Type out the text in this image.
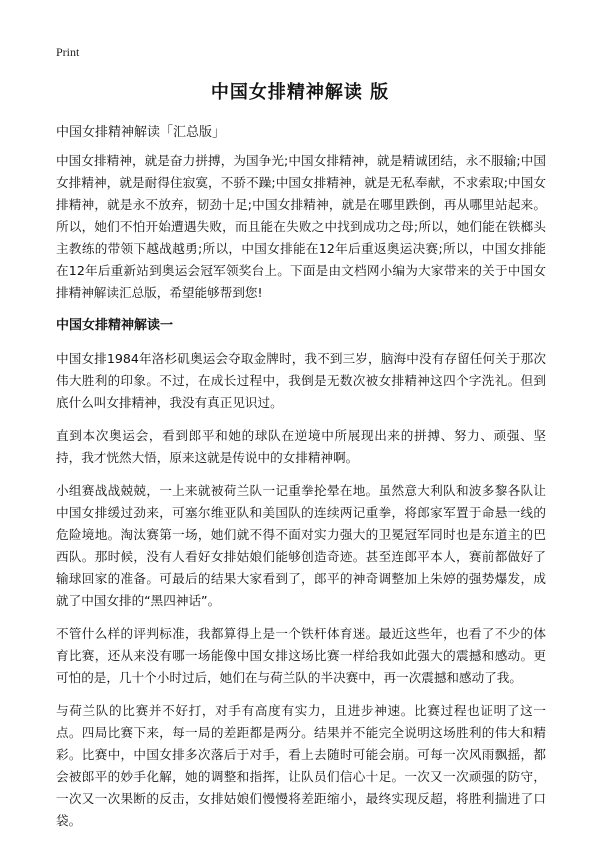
Print
中国女排精神解读 版
中国女排精神解读「汇总版」

中国女排精神，就是奋力拼搏，为国争光;中国女排精神，就是精诚团结，永不服输;中国女排精神，就是耐得住寂寞，不骄不躁;中国女排精神，就是无私奉献，不求索取;中国女排精神，就是永不放弃，韧劲十足;中国女排精神，就是在哪里跌倒，再从哪里站起来。所以，她们不怕开始遭遇失败，而且能在失败之中找到成功之母;所以，她们能在铁榔头主教练的带领下越战越勇;所以，中国女排能在12年后重返奥运决赛;所以，中国女排能在12年后重新站到奥运会冠军领奖台上。下面是由文档网小编为大家带来的关于中国女排精神解读汇总版，希望能够帮到您!

中国女排精神解读一

中国女排1984年洛杉矶奥运会夺取金牌时，我不到三岁，脑海中没有存留任何关于那次伟大胜利的印象。不过，在成长过程中，我倒是无数次被女排精神这四个字洗礼。但到底什么叫女排精神，我没有真正见识过。

直到本次奥运会，看到郎平和她的球队在逆境中所展现出来的拼搏、努力、顽强、坚持，我才恍然大悟，原来这就是传说中的女排精神啊。

小组赛战战兢兢，一上来就被荷兰队一记重拳抡晕在地。虽然意大利队和波多黎各队让中国女排缓过劲来，可塞尔维亚队和美国队的连续两记重拳，将郎家军置于命悬一线的危险境地。淘汰赛第一场，她们就不得不面对实力强大的卫冕冠军同时也是东道主的巴西队。那时候，没有人看好女排姑娘们能够创造奇迹。甚至连郎平本人，赛前都做好了输球回家的准备。可最后的结果大家看到了，郎平的神奇调整加上朱婷的强势爆发，成就了中国女排的“黑四神话”。

不管什么样的评判标准，我都算得上是一个铁杆体育迷。最近这些年，也看了不少的体育比赛，还从来没有哪一场能像中国女排这场比赛一样给我如此强大的震撼和感动。更可怕的是，几十个小时过后，她们在与荷兰队的半决赛中，再一次震撼和感动了我。

与荷兰队的比赛并不好打，对手有高度有实力，且进步神速。比赛过程也证明了这一点。四局比赛下来，每一局的差距都是两分。结果并不能完全说明这场胜利的伟大和精彩。比赛中，中国女排多次落后于对手，看上去随时可能会崩。可每一次风雨飘摇，都会被郎平的妙手化解，她的调整和指挥，让队员们信心十足。一次又一次顽强的防守，一次又一次果断的反击，女排姑娘们慢慢将差距缩小，最终实现反超，将胜利揣进了口袋。
